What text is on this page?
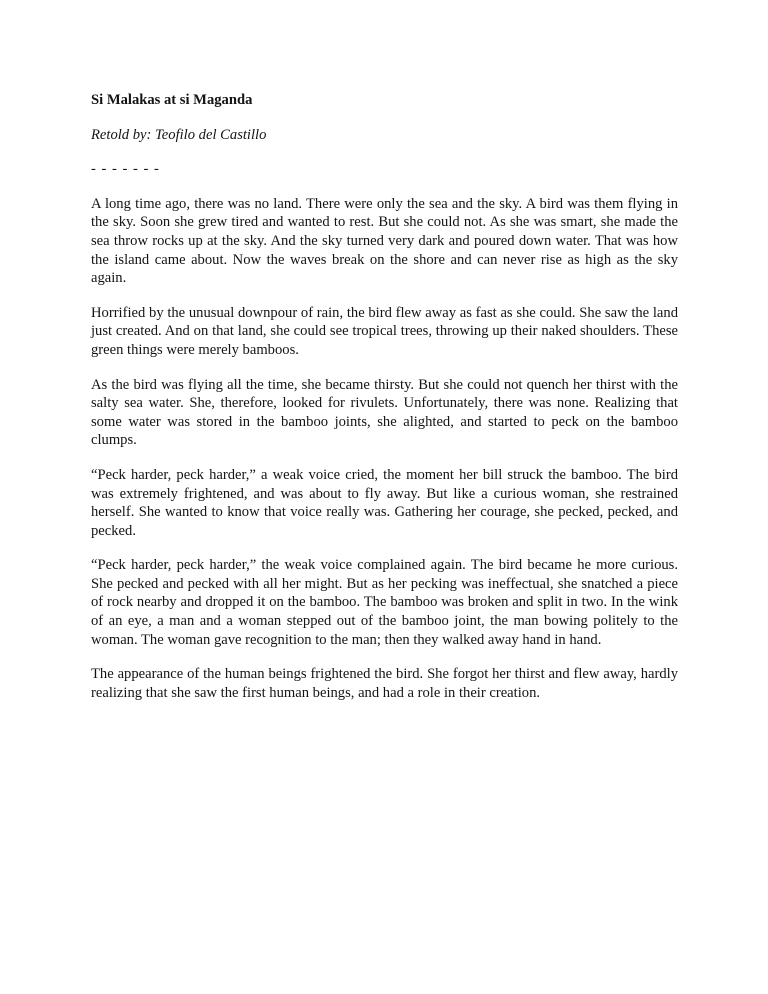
Si Malakas at si Maganda

Retold by: Teofilo del Castillo

- - - - - - -

A long time ago, there was no land. There were only the sea and the sky. A bird was them flying in the sky. Soon she grew tired and wanted to rest. But she could not. As she was smart, she made the sea throw rocks up at the sky. And the sky turned very dark and poured down water. That was how the island came about. Now the waves break on the shore and can never rise as high as the sky again.

Horrified by the unusual downpour of rain, the bird flew away as fast as she could. She saw the land just created. And on that land, she could see tropical trees, throwing up their naked shoulders. These green things were merely bamboos.

As the bird was flying all the time, she became thirsty. But she could not quench her thirst with the salty sea water. She, therefore, looked for rivulets. Unfortunately, there was none. Realizing that some water was stored in the bamboo joints, she alighted, and started to peck on the bamboo clumps.

“Peck harder, peck harder,” a weak voice cried, the moment her bill struck the bamboo. The bird was extremely frightened, and was about to fly away. But like a curious woman, she restrained herself. She wanted to know that voice really was. Gathering her courage, she pecked, pecked, and pecked.

“Peck harder, peck harder,” the weak voice complained again. The bird became he more curious. She pecked and pecked with all her might. But as her pecking was ineffectual, she snatched a piece of rock nearby and dropped it on the bamboo. The bamboo was broken and split in two. In the wink of an eye, a man and a woman stepped out of the bamboo joint, the man bowing politely to the woman. The woman gave recognition to the man; then they walked away hand in hand.

The appearance of the human beings frightened the bird. She forgot her thirst and flew away, hardly realizing that she saw the first human beings, and had a role in their creation.
